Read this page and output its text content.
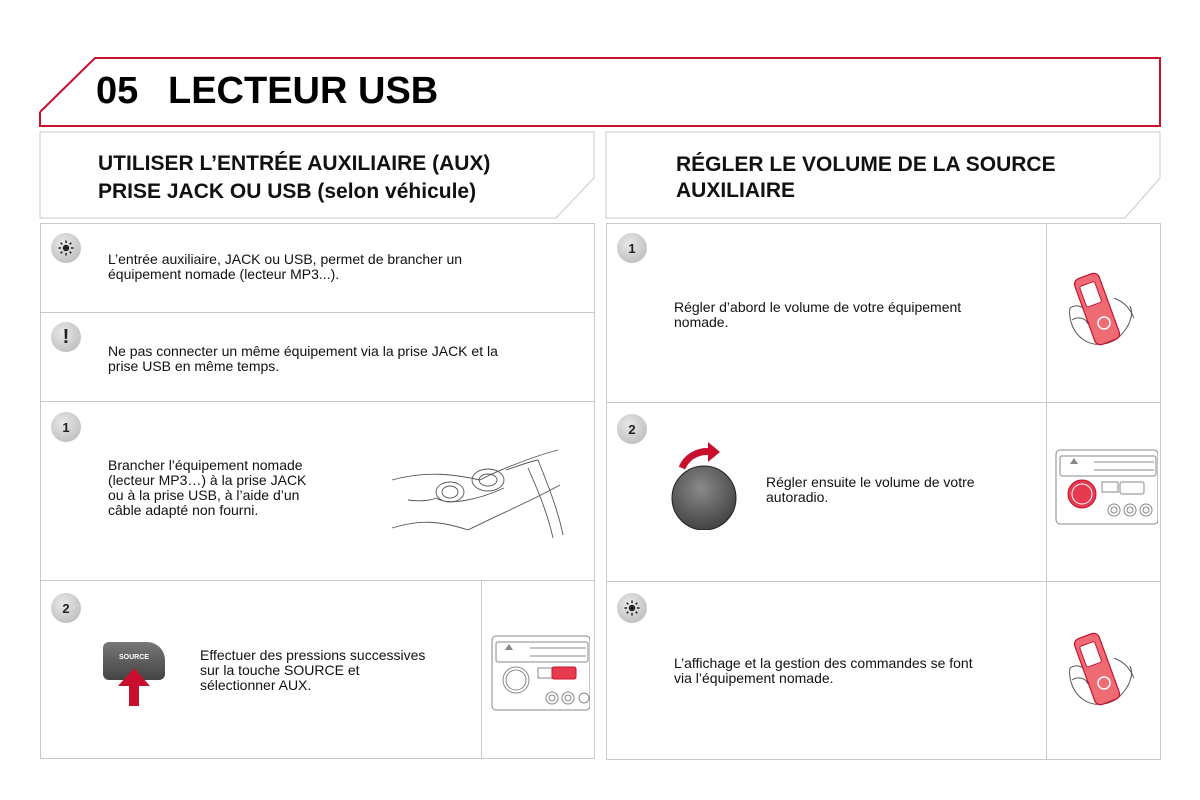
05 LECTEUR USB
UTILISER L’ENTRÉE AUXILIAIRE (AUX)
PRISE JACK OU USB (selon véhicule)
RÉGLER LE VOLUME DE LA SOURCE
AUXILIAIRE
L’entrée auxiliaire, JACK ou USB, permet de brancher un
équipement nomade (lecteur MP3...).
!
Ne pas connecter un même équipement via la prise JACK et la
prise USB en même temps.
1
Brancher l’équipement nomade
(lecteur MP3…) à la prise JACK
ou à la prise USB, à l’aide d’un
câble adapté non fourni.
2
SOURCE	Effectuer des pressions successives
sur la touche SOURCE et
sélectionner AUX.
1
Régler d’abord le volume de votre équipement
nomade.
2
Régler ensuite le volume de votre
autoradio.
L’affichage et la gestion des commandes se font
via l’équipement nomade.
